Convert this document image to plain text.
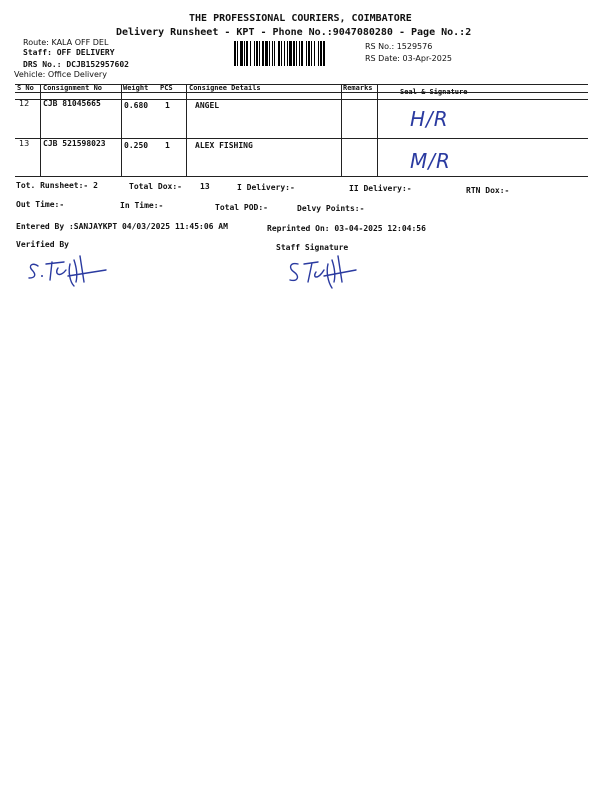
THE PROFESSIONAL COURIERS, COIMBATORE
Delivery Runsheet - KPT - Phone No.:9047080280 - Page No.:2
Route: KALA OFF DEL
Staff: OFF DELIVERY
DRS No.: DCJB152957602
Vehicle: Office Delivery
RS No.: 1529576
RS Date: 03-Apr-2025
S No Consignment No	Weight PCS Consignee Details	Remarks	Seal & Signature
12 CJB 81045665	0.680 1	ANGEL
H/R
13 CJB 521598023 0.250 1	ALEX FISHING
M/R
Tot. Runsheet:- 2	Total Dox:- 13	I Delivery:-	II Delivery:-	RTN Dox:-
Out Time:-	In Time:-	Total POD:-	Delvy Points:-
Entered By :SANJAYKPT 04/03/2025 11:45:06 AM	Reprinted On: 03-04-2025 12:04:56
Verified By	Staff Signature
